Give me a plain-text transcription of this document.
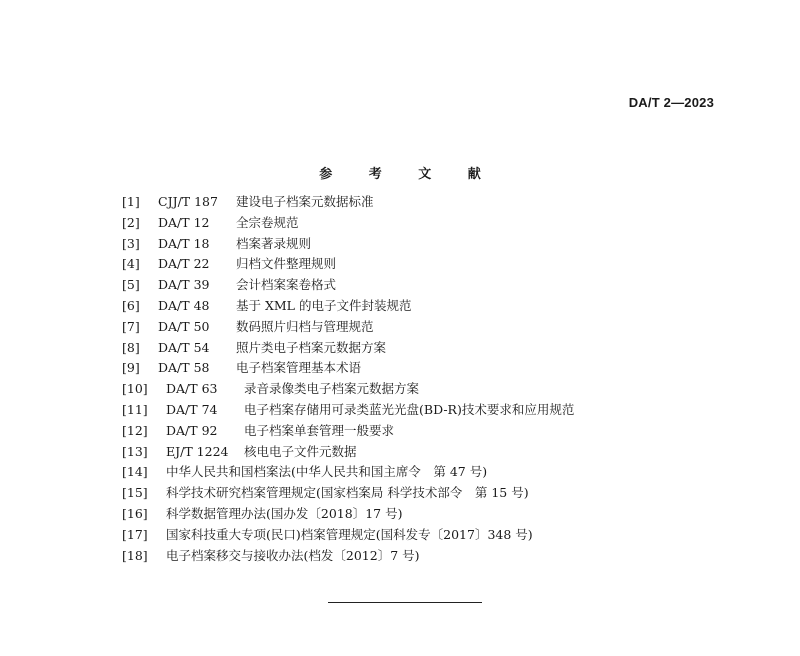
DA/T 2—2023
参 考 文 献
[1] CJJ/T 187 建设电子档案元数据标准
[2] DA/T 12 全宗卷规范
[3] DA/T 18 档案著录规则
[4] DA/T 22 归档文件整理规则
[5] DA/T 39 会计档案案卷格式
[6] DA/T 48 基于 XML 的电子文件封装规范
[7] DA/T 50 数码照片归档与管理规范
[8] DA/T 54 照片类电子档案元数据方案
[9] DA/T 58 电子档案管理基本术语
[10] DA/T 63 录音录像类电子档案元数据方案
[11] DA/T 74 电子档案存储用可录类蓝光光盘(BD-R)技术要求和应用规范
[12] DA/T 92 电子档案单套管理一般要求
[13] EJ/T 1224 核电电子文件元数据
[14] 中华人民共和国档案法(中华人民共和国主席令　第 47 号)
[15] 科学技术研究档案管理规定(国家档案局 科学技术部令　第 15 号)
[16] 科学数据管理办法(国办发〔2018〕17 号)
[17] 国家科技重大专项(民口)档案管理规定(国科发专〔2017〕348 号)
[18] 电子档案移交与接收办法(档发〔2012〕7 号)
